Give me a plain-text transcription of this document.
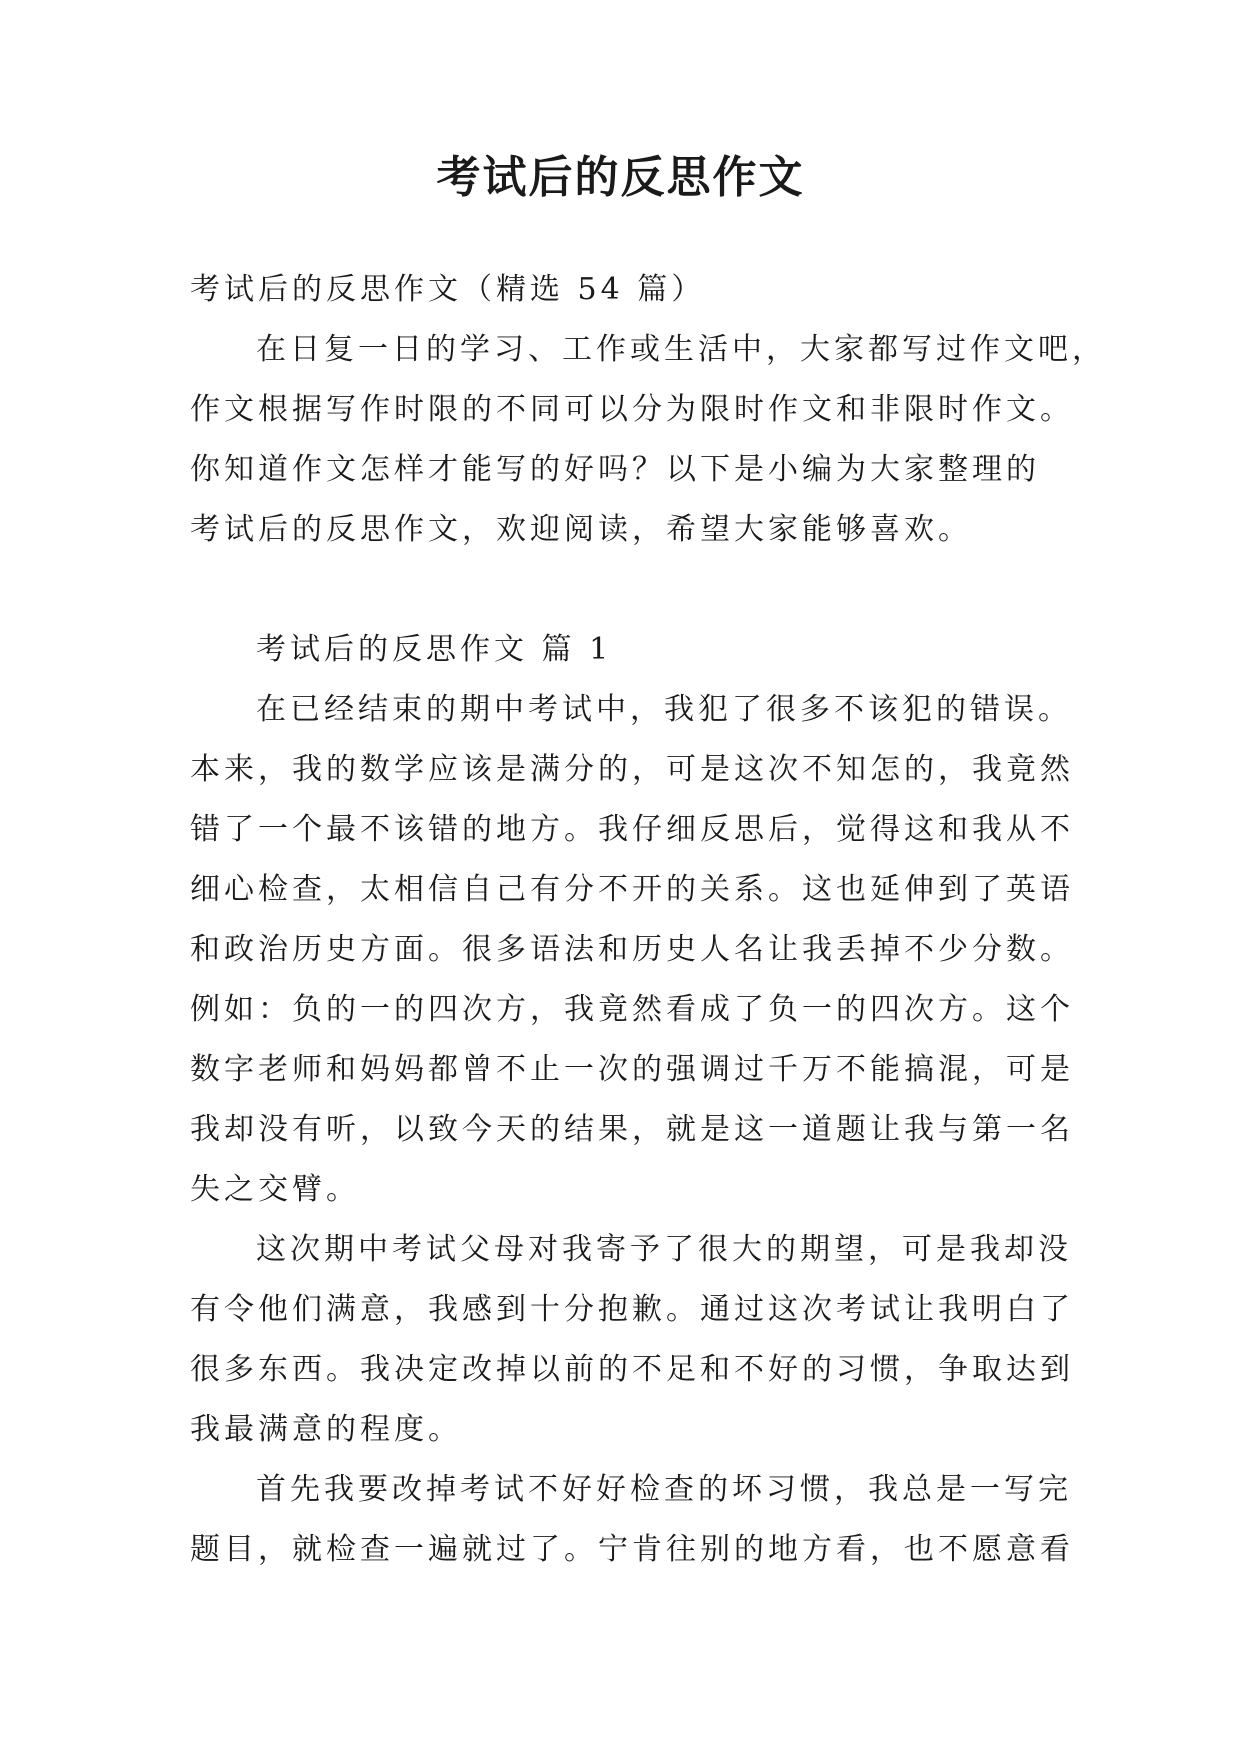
考试后的反思作文
考试后的反思作文（精选 54 篇）
在日复一日的学习、工作或生活中，大家都写过作文吧，
作文根据写作时限的不同可以分为限时作文和非限时作文。
你知道作文怎样才能写的好吗？以下是小编为大家整理的
考试后的反思作文，欢迎阅读，希望大家能够喜欢。
考试后的反思作文 篇 1
在已经结束的期中考试中，我犯了很多不该犯的错误。
本来，我的数学应该是满分的，可是这次不知怎的，我竟然
错了一个最不该错的地方。我仔细反思后，觉得这和我从不
细心检查，太相信自己有分不开的关系。这也延伸到了英语
和政治历史方面。很多语法和历史人名让我丢掉不少分数。
例如：负的一的四次方，我竟然看成了负一的四次方。这个
数字老师和妈妈都曾不止一次的强调过千万不能搞混，可是
我却没有听，以致今天的结果，就是这一道题让我与第一名
失之交臂。
这次期中考试父母对我寄予了很大的期望，可是我却没
有令他们满意，我感到十分抱歉。通过这次考试让我明白了
很多东西。我决定改掉以前的不足和不好的习惯，争取达到
我最满意的程度。
首先我要改掉考试不好好检查的坏习惯，我总是一写完
题目，就检查一遍就过了。宁肯往别的地方看，也不愿意看
